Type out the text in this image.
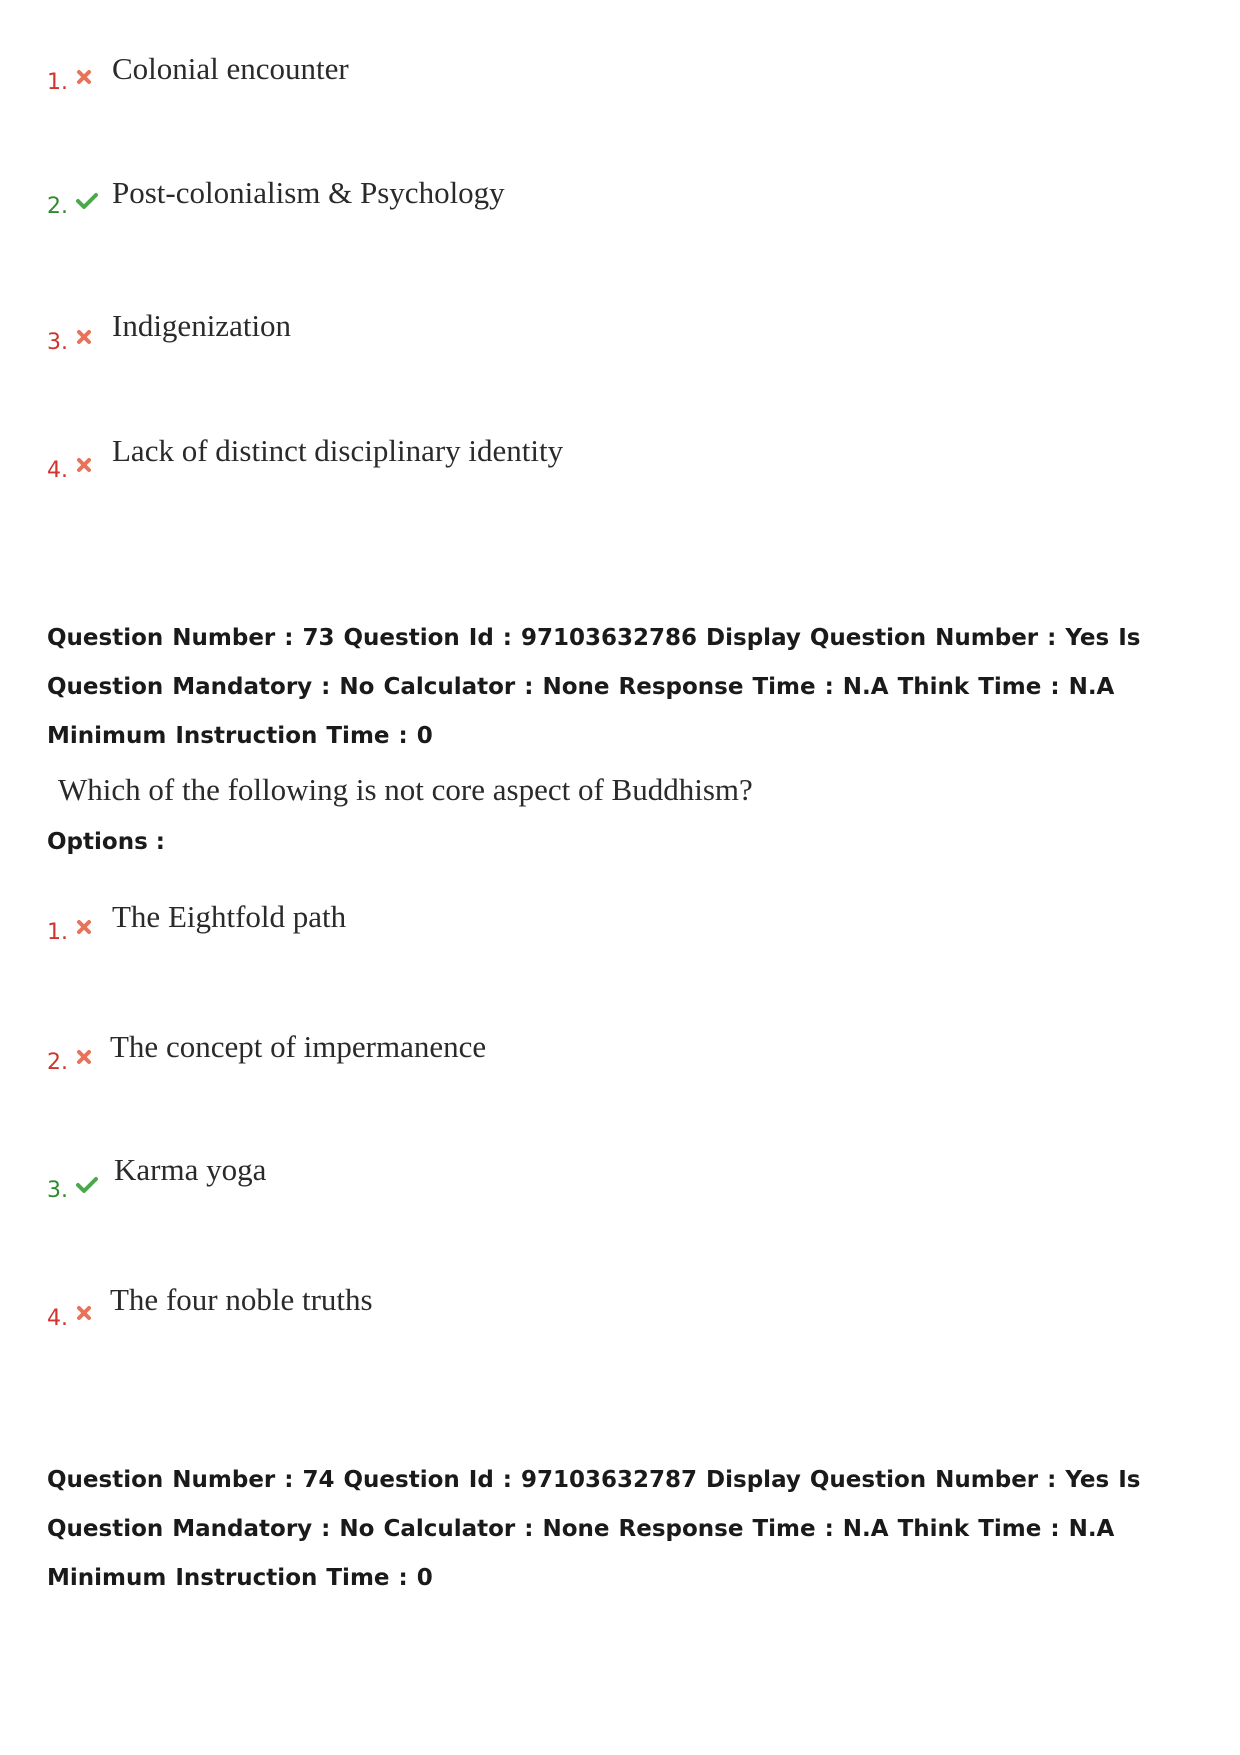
1. Colonial encounter
2. Post-colonialism & Psychology
3. Indigenization
4.
Lack of distinct disciplinary identity
Question Number : 73 Question Id : 97103632786 Display Question Number : Yes Is Question Mandatory : No Calculator : None Response Time : N.A Think Time : N.A Minimum Instruction Time : 0
Which of the following is not core aspect of Buddhism?
Options :
1. The Eightfold path
2. The concept of impermanence
3.
Karma yoga
4.
The four noble truths
Question Number : 74 Question Id : 97103632787 Display Question Number : Yes Is Question Mandatory : No Calculator : None Response Time : N.A Think Time : N.A Minimum Instruction Time : 0
